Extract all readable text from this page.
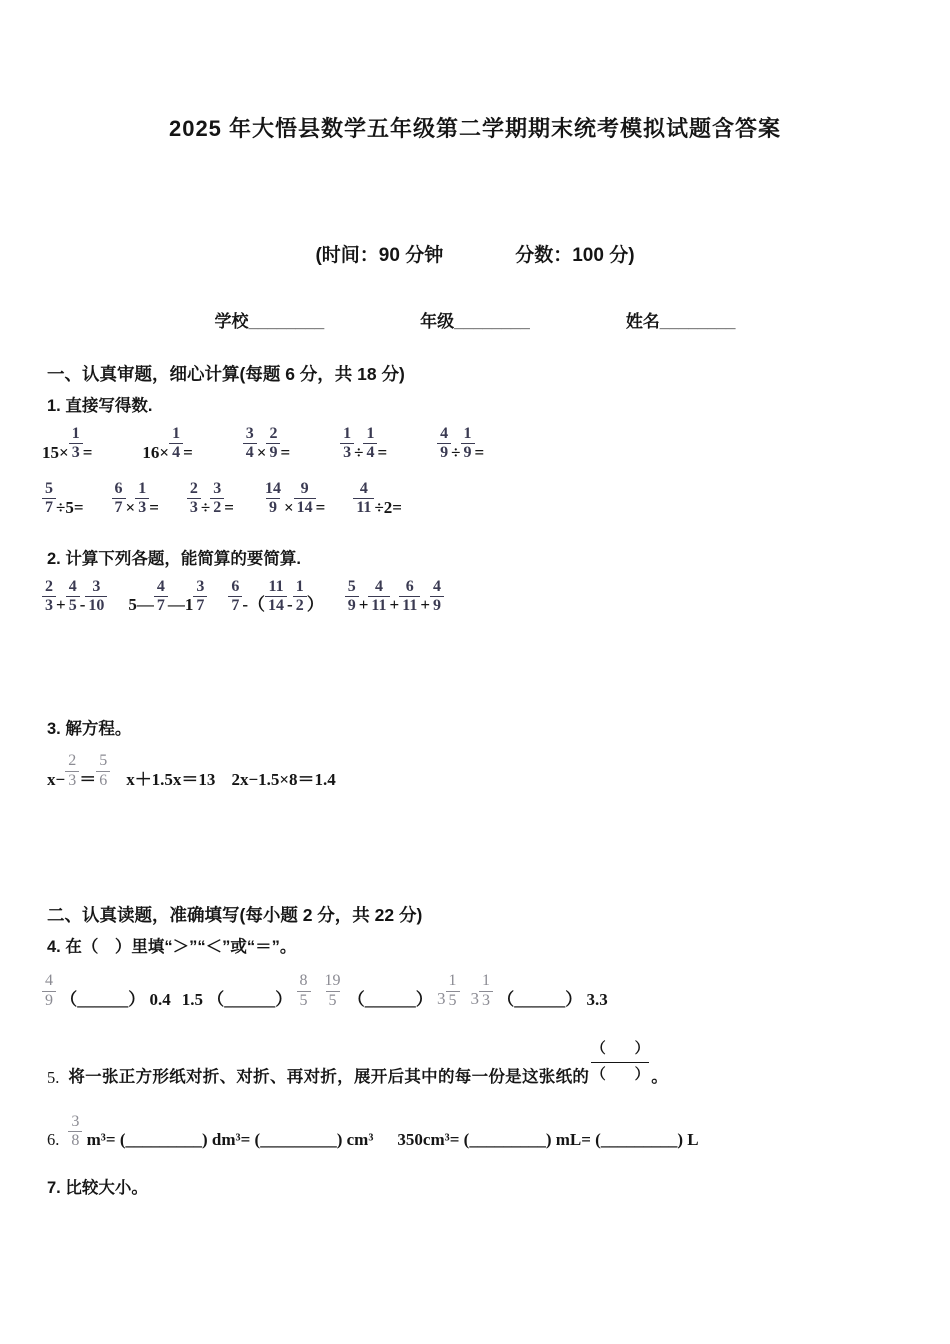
2025 年大悟县数学五年级第二学期期末统考模拟试题含答案
(时间：90 分钟	分数：100 分)
学校________	年级________	姓名________
一、认真审题，细心计算(每题 6 分，共 18 分)
1. 直接写得数.
$15\times \frac{1}{3}$ =	$16\times \frac{1}{4}$ =	$\frac{3}{4} \times \frac{2}{9}$ =	$\frac{1}{3} \div \frac{1}{4}$ =	$\frac{4}{9} \div \frac{1}{9}$ =
$\frac{5}{7} \div 5= \frac{6}{7} \times \frac{1}{3} = \frac{2}{3} \div \frac{3}{2} = \frac{14}{9} \times \frac{9}{14} = \frac{4}{11} \div 2=$
2. 计算下列各题，能简算的要简算.
$\frac{2}{3} + \frac{4}{5} - \frac{3}{10}$ 5— $\frac{4}{7}$ —1 $\frac{3}{7} \frac{6}{7}$ -（ $\frac{11}{14} - \frac{1}{2}$ ） $\frac{5}{9} + \frac{4}{11} + \frac{6}{11} + \frac{4}{9}$
3. 解方程。
$x- \frac{2}{3} = \frac{5}{6} x+1.5x=13$ 2x−1.5×8＝1.4
二、认真读题，准确填写(每小题 2 分，共 22 分)
4. 在（　）里填“＞”“＜”或“＝”。
$\frac{4}{9}$ （______） 0.4 1.5 （______） $\frac{8}{5} \frac{19}{5}$ （______） $3 \frac{1}{5} 3 \frac{1}{3}$ （______） 3.3
5. 将一张正方形纸对折、对折、再对折，展开后其中的每一份是这张纸的
（　　）
（　　） 。
6. $\frac{3}{8} m^3=$ (_________) dm³= (_________) cm³ 350cm³= (_________) mL= (_________) L
7. 比较大小。
